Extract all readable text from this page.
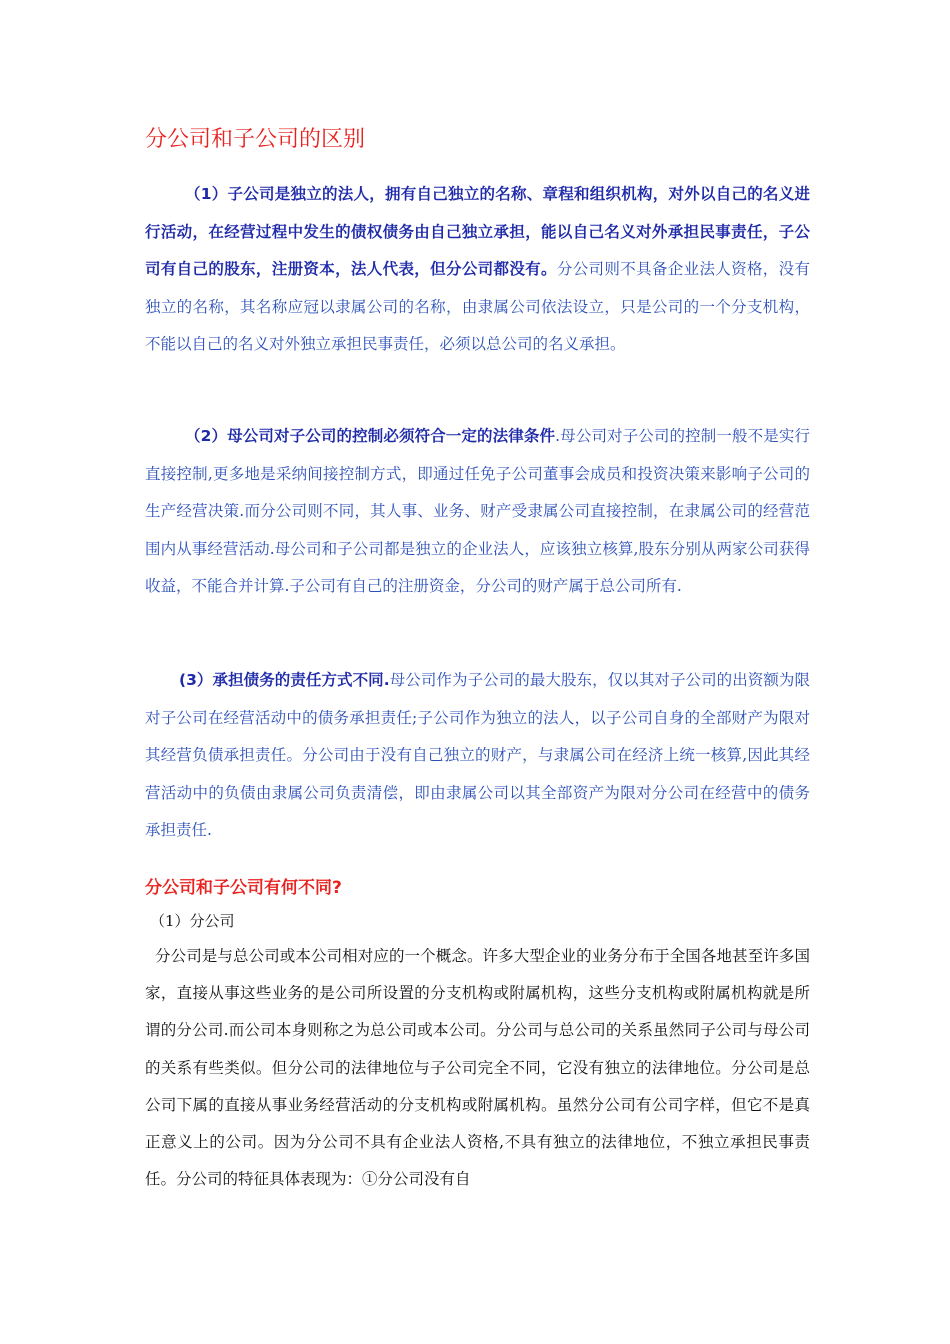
分公司和子公司的区别

（1）子公司是独立的法人，拥有自己独立的名称、章程和组织机构，对外以自己的名义进行活动，在经营过程中发生的债权债务由自己独立承担，能以自己名义对外承担民事责任，子公司有自己的股东，注册资本，法人代表，但分公司都没有。分公司则不具备企业法人资格，没有独立的名称，其名称应冠以隶属公司的名称，由隶属公司依法设立，只是公司的一个分支机构，不能以自己的名义对外独立承担民事责任，必须以总公司的名义承担。

（2）母公司对子公司的控制必须符合一定的法律条件.母公司对子公司的控制一般不是实行直接控制,更多地是采纳间接控制方式，即通过任免子公司董事会成员和投资决策来影响子公司的生产经营决策.而分公司则不同，其人事、业务、财产受隶属公司直接控制，在隶属公司的经营范围内从事经营活动.母公司和子公司都是独立的企业法人，应该独立核算,股东分别从两家公司获得收益，不能合并计算.子公司有自己的注册资金，分公司的财产属于总公司所有.

(3）承担债务的责任方式不同.母公司作为子公司的最大股东，仅以其对子公司的出资额为限对子公司在经营活动中的债务承担责任;子公司作为独立的法人，以子公司自身的全部财产为限对其经营负债承担责任。分公司由于没有自己独立的财产，与隶属公司在经济上统一核算,因此其经营活动中的负债由隶属公司负责清偿，即由隶属公司以其全部资产为限对分公司在经营中的债务承担责任.

分公司和子公司有何不同?

（1）分公司

分公司是与总公司或本公司相对应的一个概念。许多大型企业的业务分布于全国各地甚至许多国家，直接从事这些业务的是公司所设置的分支机构或附属机构，这些分支机构或附属机构就是所谓的分公司.而公司本身则称之为总公司或本公司。分公司与总公司的关系虽然同子公司与母公司的关系有些类似。但分公司的法律地位与子公司完全不同，它没有独立的法律地位。分公司是总公司下属的直接从事业务经营活动的分支机构或附属机构。虽然分公司有公司字样，但它不是真正意义上的公司。因为分公司不具有企业法人资格,不具有独立的法律地位，不独立承担民事责任。分公司的特征具体表现为：①分公司没有自
